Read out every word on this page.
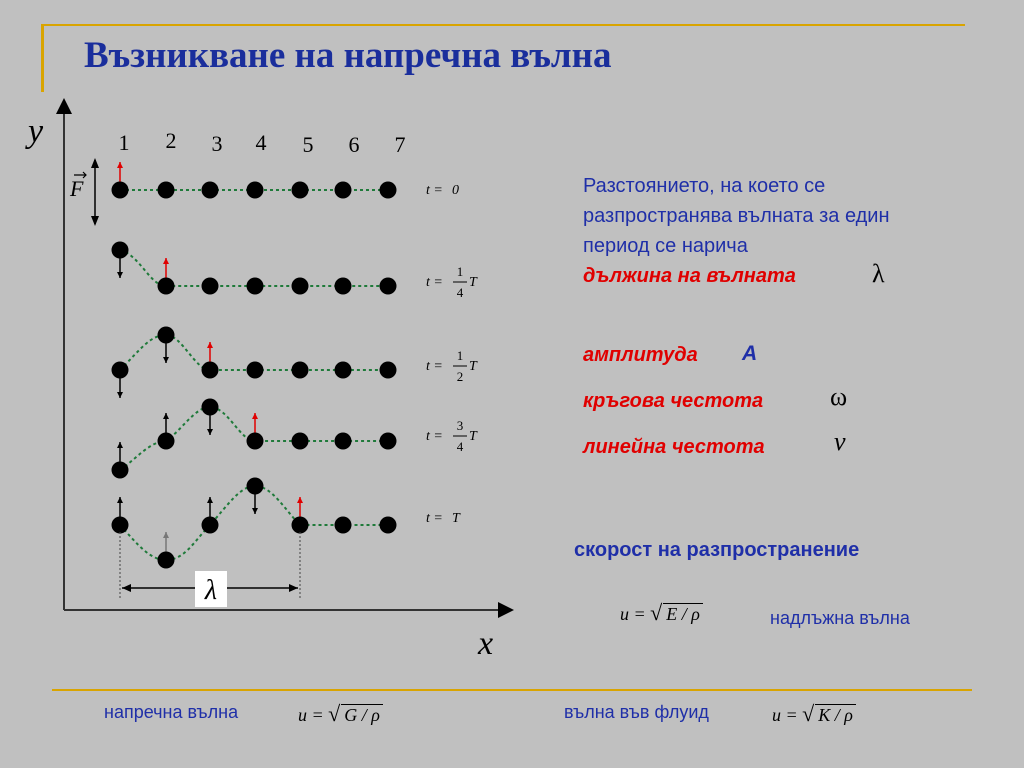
Възникване на напречна вълна
y
x
F
1 2 3 4 5 6 7
t = 0
t =
1
4
T
t =
1
2
T
t =
3
4
T
t = T
λ
Разстоянието, на което се разпространява вълната за един период се нарича
дължина на вълната	λ
амплитуда A
кръгова честота	ω
линейна честота	ν
скорост на разпространение
u = √ E / ρ	надлъжна вълна
напречна вълна	u = √ G / ρ	вълна във флуид	u = √ K / ρ
